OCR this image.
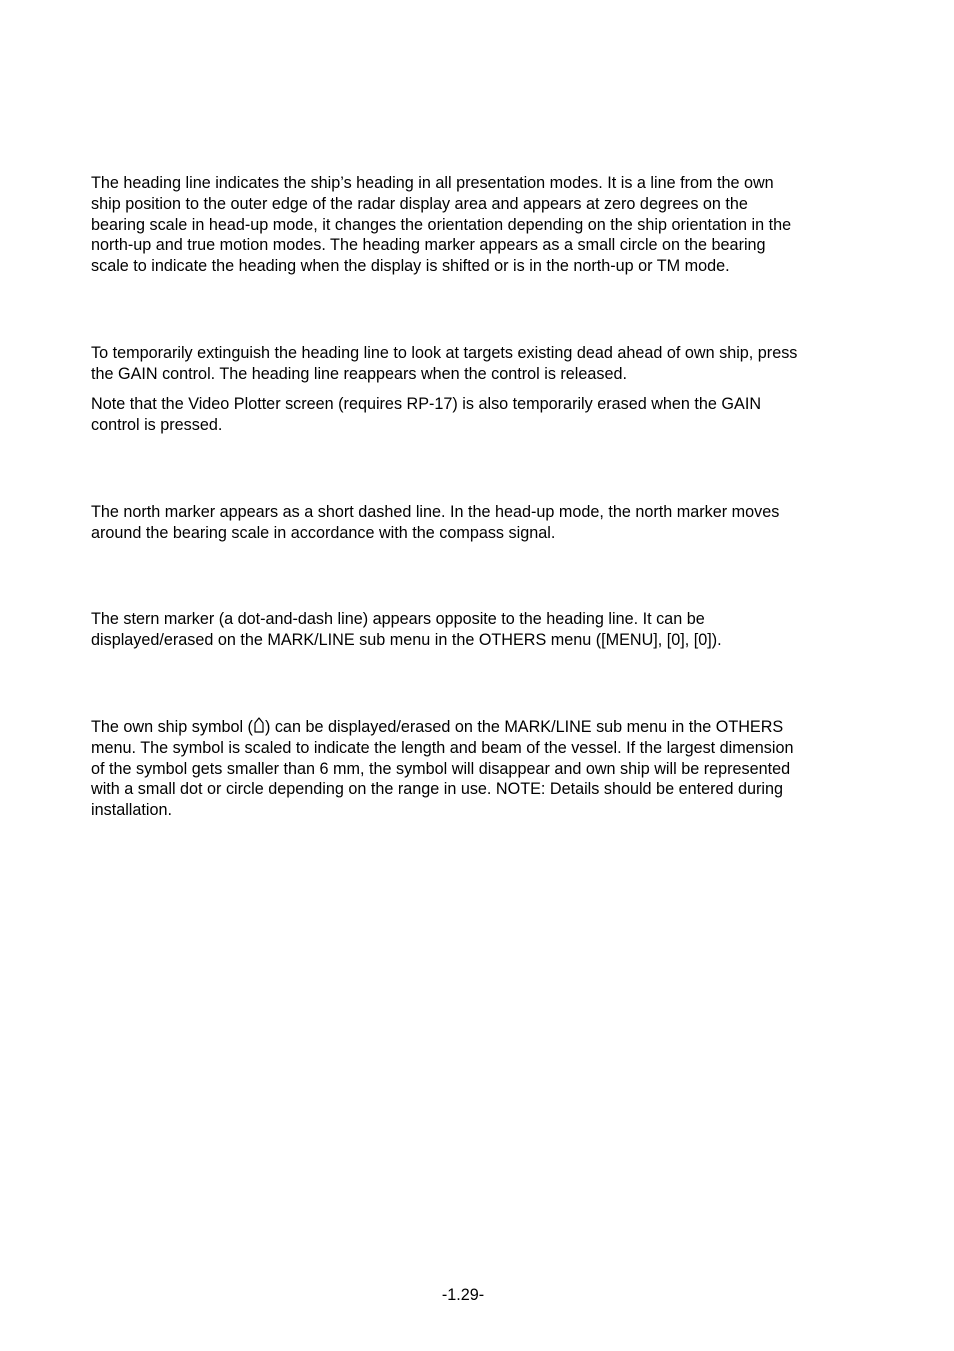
The heading line indicates the ship’s heading in all presentation modes. It is a line from the own
ship position to the outer edge of the radar display area and appears at zero degrees on the
bearing scale in head-up mode, it changes the orientation depending on the ship orientation in the
north-up and true motion modes. The heading marker appears as a small circle on the bearing
scale to indicate the heading when the display is shifted or is in the north-up or TM mode.

To temporarily extinguish the heading line to look at targets existing dead ahead of own ship, press
the GAIN control. The heading line reappears when the control is released.

Note that the Video Plotter screen (requires RP-17) is also temporarily erased when the GAIN
control is pressed.

The north marker appears as a short dashed line. In the head-up mode, the north marker moves
around the bearing scale in accordance with the compass signal.

The stern marker (a dot-and-dash line) appears opposite to the heading line. It can be
displayed/erased on the MARK/LINE sub menu in the OTHERS menu ([MENU], [0], [0]).

The own ship symbol ( ) can be displayed/erased on the MARK/LINE sub menu in the OTHERS
menu. The symbol is scaled to indicate the length and beam of the vessel. If the largest dimension
of the symbol gets smaller than 6 mm, the symbol will disappear and own ship will be represented
with a small dot or circle depending on the range in use. NOTE: Details should be entered during
installation.

-1.29-
